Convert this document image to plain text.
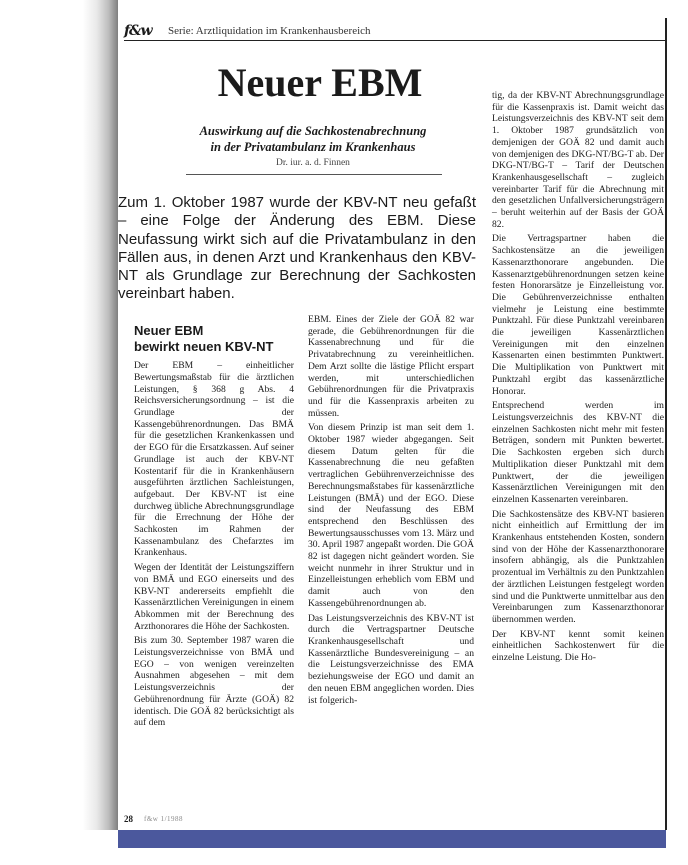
f&w Serie: Arztliquidation im Krankenhausbereich
Neuer EBM
Auswirkung auf die Sachkostenabrechnung
in der Privatambulanz im Krankenhaus
Dr. iur. a. d. Finnen
Zum 1. Oktober 1987 wurde der KBV-NT neu gefaßt – eine Folge der Änderung des EBM. Diese Neufassung wirkt sich auf die Privatambulanz in den Fällen aus, in denen Arzt und Krankenhaus den KBV-NT als Grundlage zur Berechnung der Sachkosten vereinbart haben.
Neuer EBM
bewirkt neuen KBV-NT

Der EBM – einheitlicher Bewertungsmaßstab für die ärztlichen Leistungen, § 368 g Abs. 4 Reichsversicherungsordnung – ist die Grundlage der Kassengebührenordnungen. Das BMÄ für die gesetzlichen Krankenkassen und der EGO für die Ersatzkassen. Auf seiner Grundlage ist auch der KBV-NT Kostentarif für die in Krankenhäusern ausgeführten ärztlichen Sachleistungen, aufgebaut. Der KBV-NT ist eine durchweg übliche Abrechnungsgrundlage für die Errechnung der Höhe der Sachkosten im Rahmen der Kassenambulanz des Chefarztes im Krankenhaus.

Wegen der Identität der Leistungsziffern von BMÄ und EGO einerseits und des KBV-NT andererseits empfiehlt die Kassenärztlichen Vereinigungen in einem Abkommen mit der Berechnung des Arzthonorares die Höhe der Sachkosten.

Bis zum 30. September 1987 waren die Leistungsverzeichnisse von BMÄ und EGO – von wenigen vereinzelten Ausnahmen abgesehen – mit dem Leistungsverzeichnis der Gebührenordnung für Ärzte (GOÄ) 82 identisch. Die GOÄ 82 berücksichtigt als auf dem

EBM. Eines der Ziele der GOÄ 82 war gerade, die Gebührenordnungen für die Kassenabrechnung und für die Privatabrechnung zu vereinheitlichen. Dem Arzt sollte die lästige Pflicht erspart werden, mit unterschiedlichen Gebührenordnungen für die Privatpraxis und für die Kassenpraxis arbeiten zu müssen.

Von diesem Prinzip ist man seit dem 1. Oktober 1987 wieder abgegangen. Seit diesem Datum gelten für die Kassenabrechnung die neu gefaßten vertraglichen Gebührenverzeichnisse des Berechnungsmaßstabes für kassenärztliche Leistungen (BMÄ) und der EGO. Diese sind der Neufassung des EBM entsprechend den Beschlüssen des Bewertungsausschusses vom 13. März und 30. April 1987 angepaßt worden. Die GOÄ 82 ist dagegen nicht geändert worden. Sie weicht nunmehr in ihrer Struktur und in Einzelleistungen erheblich vom EBM und damit auch von den Kassengebührenordnungen ab.

Das Leistungsverzeichnis des KBV-NT ist durch die Vertragspartner Deutsche Krankenhausgesellschaft und Kassenärztliche Bundesvereinigung – an die Leistungsverzeichnisse des EMA beziehungsweise der EGO und damit an den neuen EBM angeglichen worden. Dies ist folgerich-

tig, da der KBV-NT Abrechnungsgrundlage für die Kassenpraxis ist. Damit weicht das Leistungsverzeichnis des KBV-NT seit dem 1. Oktober 1987 grundsätzlich von demjenigen der GOÄ 82 und damit auch von demjenigen des DKG-NT/BG-T ab. Der DKG-NT/BG-T – Tarif der Deutschen Krankenhausgesellschaft – zugleich vereinbarter Tarif für die Abrechnung mit den gesetzlichen Unfallversicherungsträgern – beruht weiterhin auf der Basis der GOÄ 82.

Die Vertragspartner haben die Sachkostensätze an die jeweiligen Kassenarzthonorare angebunden. Die Kassenarztgebührenordnungen setzen keine festen Honorarsätze je Einzelleistung vor. Die Gebührenverzeichnisse enthalten vielmehr je Leistung eine bestimmte Punktzahl. Für diese Punktzahl vereinbaren die jeweiligen Kassenärztlichen Vereinigungen mit den einzelnen Kassenarten einen bestimmten Punktwert. Die Multiplikation von Punktwert mit Punktzahl ergibt das kassenärztliche Honorar.

Entsprechend werden im Leistungsverzeichnis des KBV-NT die einzelnen Sachkosten nicht mehr mit festen Beträgen, sondern mit Punkten bewertet. Die Sachkosten ergeben sich durch Multiplikation dieser Punktzahl mit dem Punktwert, der die jeweiligen Kassenärztlichen Vereinigungen mit den einzelnen Kassenarten vereinbaren.

Die Sachkostensätze des KBV-NT basieren nicht einheitlich auf Ermittlung der im Krankenhaus entstehenden Kosten, sondern sind von der Höhe der Kassenarzthonorare insofern abhängig, als die Punktzahlen prozentual im Verhältnis zu den Punktzahlen der ärztlichen Leistungen festgelegt worden sind und die Punktwerte unmittelbar aus den Vereinbarungen zum Kassenarzthonorar übernommen werden.

Der KBV-NT kennt somit keinen einheitlichen Sachkostenwert für die einzelne Leistung. Die Ho-

28 f&w 1/1988
